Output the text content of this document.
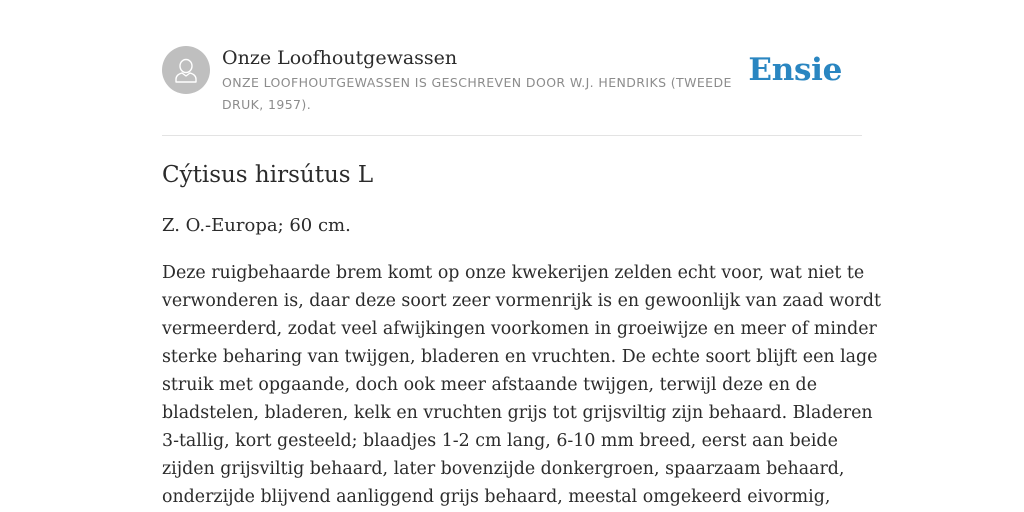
Onze Loofhoutgewassen
ONZE LOOFHOUTGEWASSEN IS GESCHREVEN DOOR W.J. HENDRIKS (TWEEDE DRUK, 1957).
Ensie
Cýtisus hirsútus L

Z. O.-Europa; 60 cm.

Deze ruigbehaarde brem komt op onze kwekerijen zelden echt voor, wat niet te
verwonderen is, daar deze soort zeer vormenrijk is en gewoonlijk van zaad wordt
vermeerderd, zodat veel afwijkingen voorkomen in groeiwijze en meer of minder
sterke beharing van twijgen, bladeren en vruchten. De echte soort blijft een lage
struik met opgaande, doch ook meer afstaande twijgen, terwijl deze en de
bladstelen, bladeren, kelk en vruchten grijs tot grijsviltig zijn behaard. Bladeren
3-tallig, kort gesteeld; blaadjes 1-2 cm lang, 6-10 mm breed, eerst aan beide
zijden grijsviltig behaard, later bovenzijde donkergroen, spaarzaam behaard,
onderzijde blijvend aanliggend grijs behaard, meestal omgekeerd eivormig,
